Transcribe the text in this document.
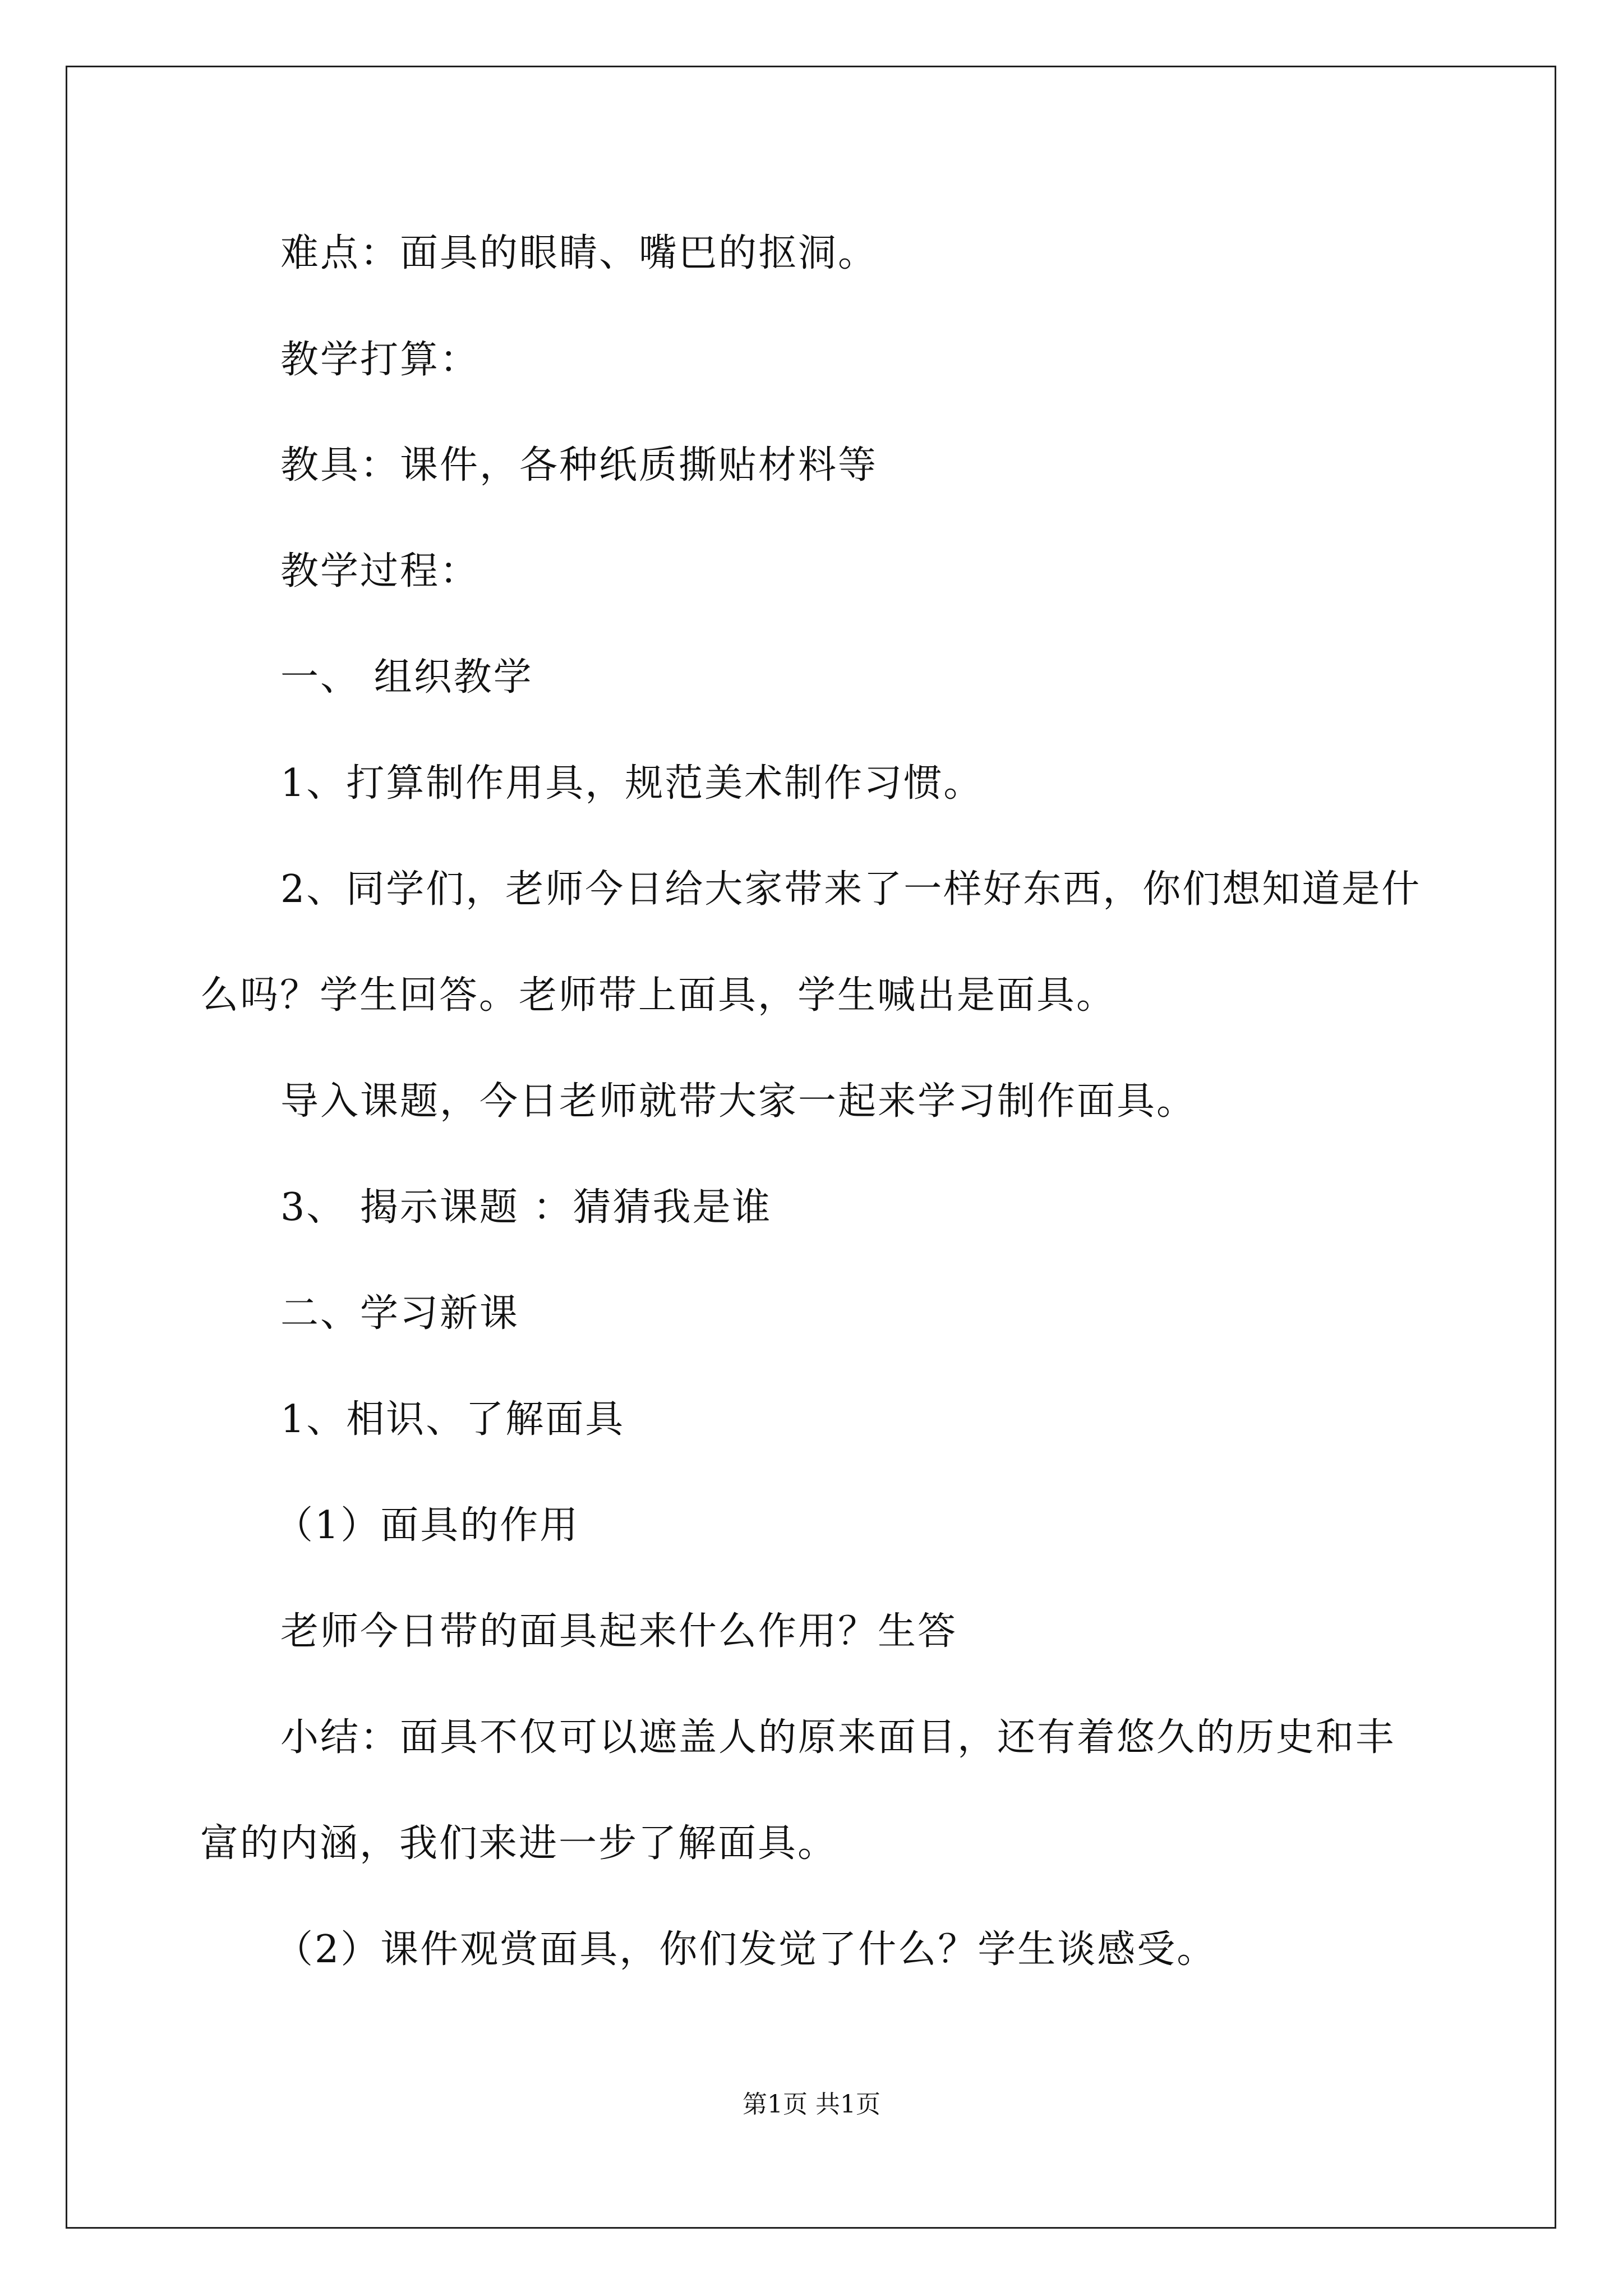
难点：面具的眼睛、嘴巴的抠洞。
教学打算：
教具：课件，各种纸质撕贴材料等
教学过程：
一、 组织教学
1、打算制作用具，规范美术制作习惯。
2、同学们，老师今日给大家带来了一样好东西，你们想知道是什
么吗？学生回答。老师带上面具，学生喊出是面具。
导入课题，今日老师就带大家一起来学习制作面具。
3、 揭示课题 ：猜猜我是谁
二、学习新课
1、相识、了解面具
（1）面具的作用
老师今日带的面具起来什么作用？生答
小结：面具不仅可以遮盖人的原来面目，还有着悠久的历史和丰
富的内涵，我们来进一步了解面具。
（2）课件观赏面具，你们发觉了什么？学生谈感受。
第1页 共1页
